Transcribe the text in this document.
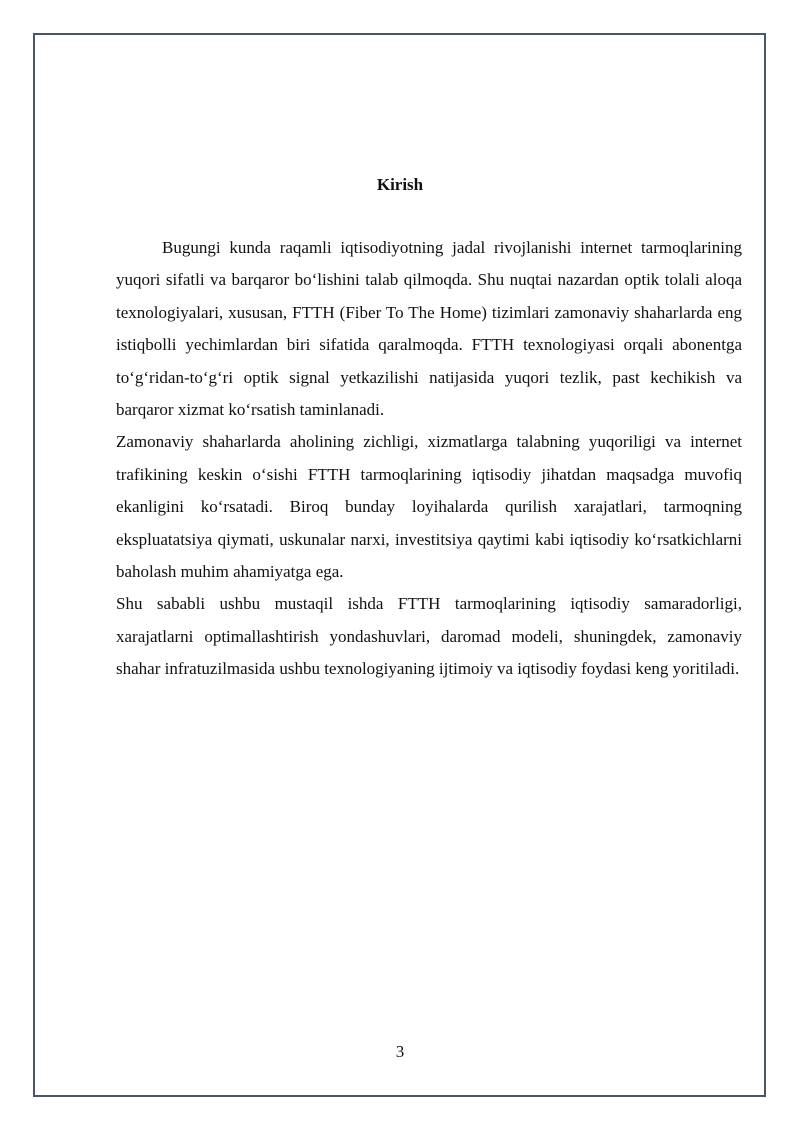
Kirish

Bugungi kunda raqamli iqtisodiyotning jadal rivojlanishi internet tarmoqlarining yuqori sifatli va barqaror bo‘lishini talab qilmoqda. Shu nuqtai nazardan optik tolali aloqa texnologiyalari, xususan, FTTH (Fiber To The Home) tizimlari zamonaviy shaharlarda eng istiqbolli yechimlardan biri sifatida qaralmoqda. FTTH texnologiyasi orqali abonentga to‘g‘ridan-to‘g‘ri optik signal yetkazilishi natijasida yuqori tezlik, past kechikish va barqaror xizmat ko‘rsatish taminlanadi.

Zamonaviy shaharlarda aholining zichligi, xizmatlarga talabning yuqoriligi va internet trafikining keskin o‘sishi FTTH tarmoqlarining iqtisodiy jihatdan maqsadga muvofiq ekanligini ko‘rsatadi. Biroq bunday loyihalarda qurilish xarajatlari, tarmoqning ekspluatatsiya qiymati, uskunalar narxi, investitsiya qaytimi kabi iqtisodiy ko‘rsatkichlarni baholash muhim ahamiyatga ega.

Shu sababli ushbu mustaqil ishda FTTH tarmoqlarining iqtisodiy samaradorligi, xarajatlarni optimallashtirish yondashuvlari, daromad modeli, shuningdek, zamonaviy shahar infratuzilmasida ushbu texnologiyaning ijtimoiy va iqtisodiy foydasi keng yoritiladi.

3
